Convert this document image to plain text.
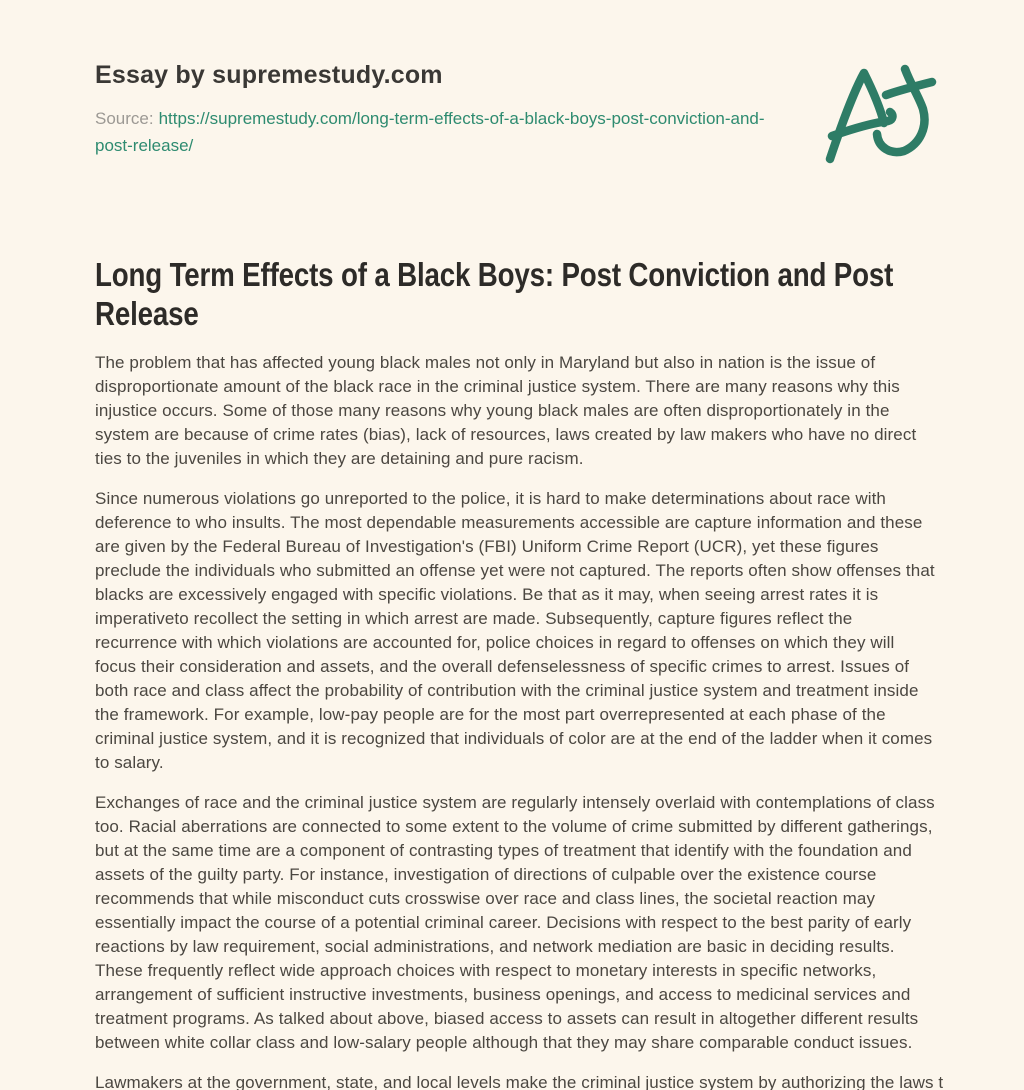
Essay by supremestudy.com

Source: https://supremestudy.com/long-term-effects-of-a-black-boys-post-conviction-and-post-release/

Long Term Effects of a Black Boys: Post Conviction and Post Release

The problem that has affected young black males not only in Maryland but also in nation is the issue of disproportionate amount of the black race in the criminal justice system. There are many reasons why this injustice occurs. Some of those many reasons why young black males are often disproportionately in the system are because of crime rates (bias), lack of resources, laws created by law makers who have no direct ties to the juveniles in which they are detaining and pure racism.

Since numerous violations go unreported to the police, it is hard to make determinations about race with deference to who insults. The most dependable measurements accessible are capture information and these are given by the Federal Bureau of Investigation's (FBI) Uniform Crime Report (UCR), yet these figures preclude the individuals who submitted an offense yet were not captured. The reports often show offenses that blacks are excessively engaged with specific violations. Be that as it may, when seeing arrest rates it is imperativeto recollect the setting in which arrest are made. Subsequently, capture figures reflect the recurrence with which violations are accounted for, police choices in regard to offenses on which they will focus their consideration and assets, and the overall defenselessness of specific crimes to arrest. Issues of both race and class affect the probability of contribution with the criminal justice system and treatment inside the framework. For example, low-pay people are for the most part overrepresented at each phase of the criminal justice system, and it is recognized that individuals of color are at the end of the ladder when it comes to salary.

Exchanges of race and the criminal justice system are regularly intensely overlaid with contemplations of class too. Racial aberrations are connected to some extent to the volume of crime submitted by different gatherings, but at the same time are a component of contrasting types of treatment that identify with the foundation and assets of the guilty party. For instance, investigation of directions of culpable over the existence course recommends that while misconduct cuts crosswise over race and class lines, the societal reaction may essentially impact the course of a potential criminal career. Decisions with respect to the best parity of early reactions by law requirement, social administrations, and network mediation are basic in deciding results. These frequently reflect wide approach choices with respect to monetary interests in specific networks, arrangement of sufficient instructive investments, business openings, and access to medicinal services and treatment programs. As talked about above, biased access to assets can result in altogether different results between white collar class and low-salary people although that they may share comparable conduct issues.

Lawmakers at the government, state, and local levels make the criminal justice system by authorizing the laws t
